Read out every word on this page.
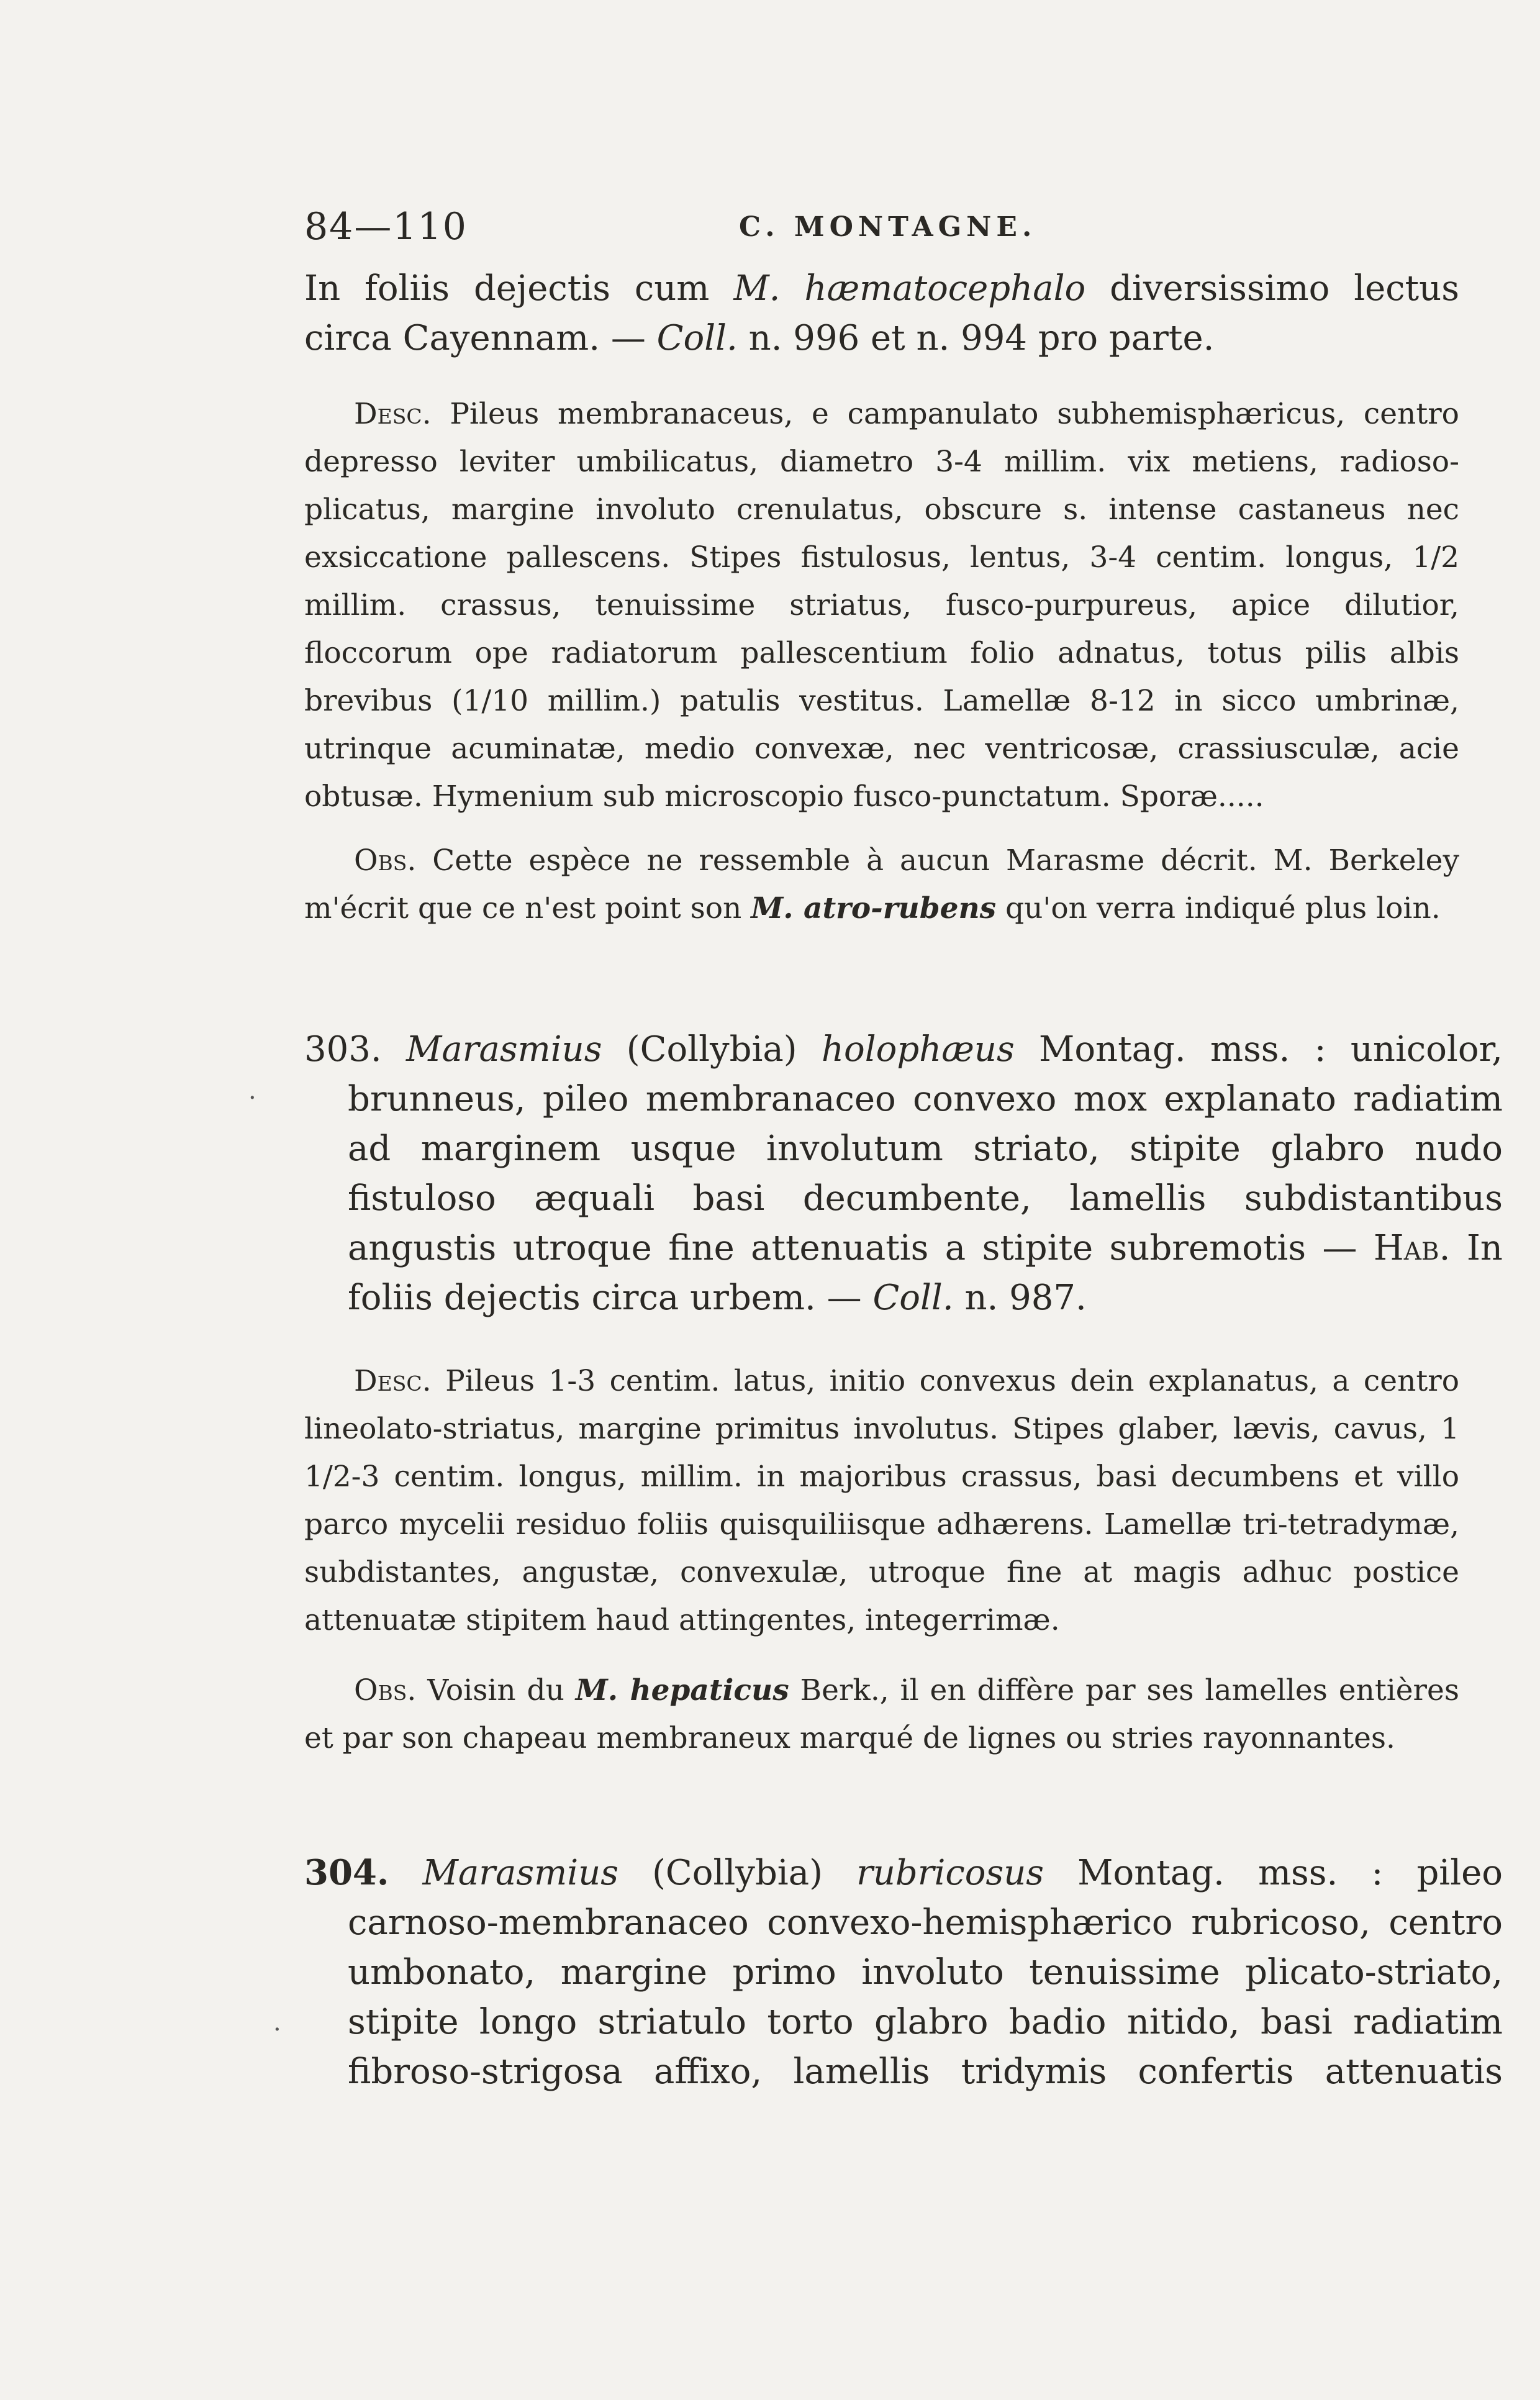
84—110	C. MONTAGNE.

In foliis dejectis cum M. hæmatocephalo diversissimo lectus circa Cayennam. — Coll. n. 996 et n. 994 pro parte.

Desc. Pileus membranaceus, e campanulato subhemisphæricus, centro depresso leviter umbilicatus, diametro 3-4 millim. vix metiens, radioso-plicatus, margine involuto crenulatus, obscure s. intense castaneus nec exsiccatione pallescens. Stipes fistulosus, lentus, 3-4 centim. longus, 1/2 millim. crassus, tenuissime striatus, fusco-purpureus, apice dilutior, floccorum ope radiatorum pallescentium folio adnatus, totus pilis albis brevibus (1/10 millim.) patulis vestitus. Lamellæ 8-12 in sicco umbrinæ, utrinque acuminatæ, medio convexæ, nec ventricosæ, crassiusculæ, acie obtusæ. Hymenium sub microscopio fusco-punctatum. Sporæ.....

Obs. Cette espèce ne ressemble à aucun Marasme décrit. M. Berkeley m'écrit que ce n'est point son M. atro-rubens qu'on verra indiqué plus loin.

303. Marasmius (Collybia) holophæus Montag. mss. : unicolor, brunneus, pileo membranaceo convexo mox explanato radiatim ad marginem usque involutum striato, stipite glabro nudo fistuloso æquali basi decumbente, lamellis subdistantibus angustis utroque fine attenuatis a stipite subremotis — Hab. In foliis dejectis circa urbem. — Coll. n. 987.

Desc. Pileus 1-3 centim. latus, initio convexus dein explanatus, a centro lineolato-striatus, margine primitus involutus. Stipes glaber, lævis, cavus, 1 1/2-3 centim. longus, millim. in majoribus crassus, basi decumbens et villo parco mycelii residuo foliis quisquiliisque adhærens. Lamellæ tri-tetradymæ, subdistantes, angustæ, convexulæ, utroque fine at magis adhuc postice attenuatæ stipitem haud attingentes, integerrimæ.

Obs. Voisin du M. hepaticus Berk., il en diffère par ses lamelles entières et par son chapeau membraneux marqué de lignes ou stries rayonnantes.

304. Marasmius (Collybia) rubricosus Montag. mss. : pileo carnoso-membranaceo convexo-hemisphærico rubricoso, centro umbonato, margine primo involuto tenuissime plicato-striato, stipite longo striatulo torto glabro badio nitido, basi radiatim fibroso-strigosa affixo, lamellis tridymis confertis attenuatis

·
·
